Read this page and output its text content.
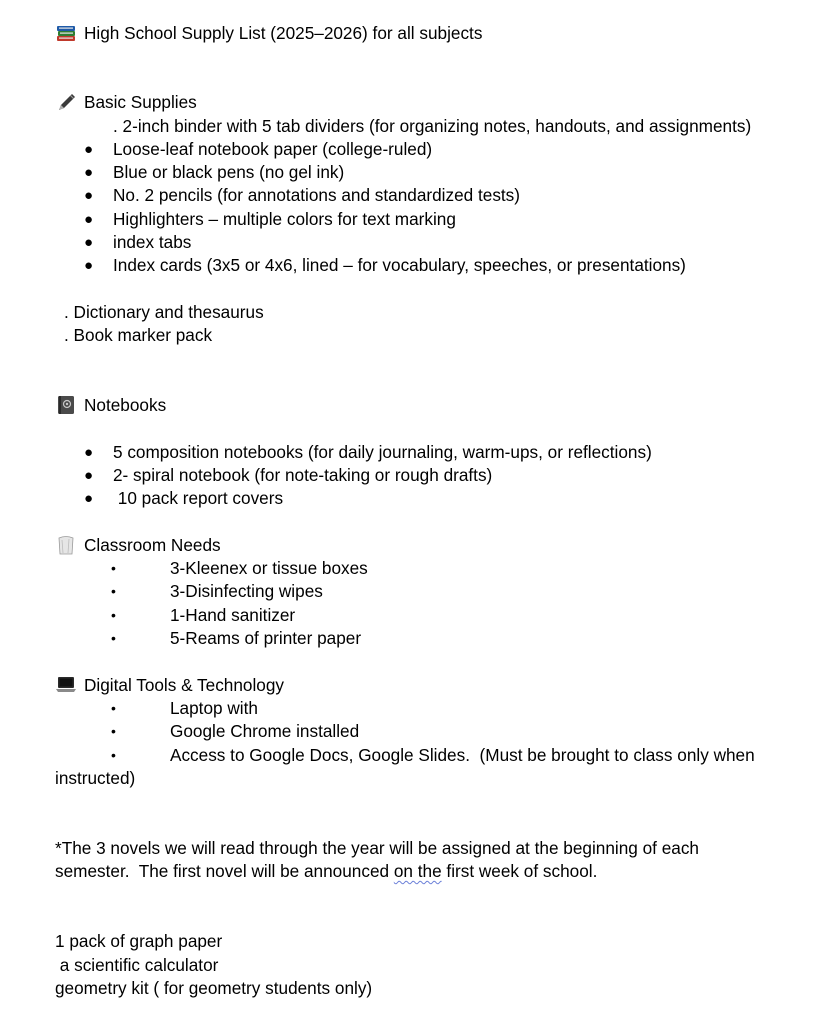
High School Supply List (2025–2026) for all subjects
Basic Supplies
. 2-inch binder with 5 tab dividers (for organizing notes, handouts, and assignments)
● Loose-leaf notebook paper (college-ruled)
● Blue or black pens (no gel ink)
● No. 2 pencils (for annotations and standardized tests)
● Highlighters – multiple colors for text marking
● index tabs
● Index cards (3x5 or 4x6, lined – for vocabulary, speeches, or presentations)
. Dictionary and thesaurus
. Book marker pack
Notebooks
● 5 composition notebooks (for daily journaling, warm-ups, or reflections)
● 2- spiral notebook (for note-taking or rough drafts)
● 10 pack report covers
Classroom Needs
•	3-Kleenex or tissue boxes
•	3-Disinfecting wipes
•	1-Hand sanitizer
•	5-Reams of printer paper
Digital Tools & Technology
•	Laptop with
•	Google Chrome installed
•	Access to Google Docs, Google Slides.  (Must be brought to class only when
instructed)
*The 3 novels we will read through the year will be assigned at the beginning of each
semester.  The first novel will be announced on the first week of school.
1 pack of graph paper
a scientific calculator
geometry kit ( for geometry students only)
